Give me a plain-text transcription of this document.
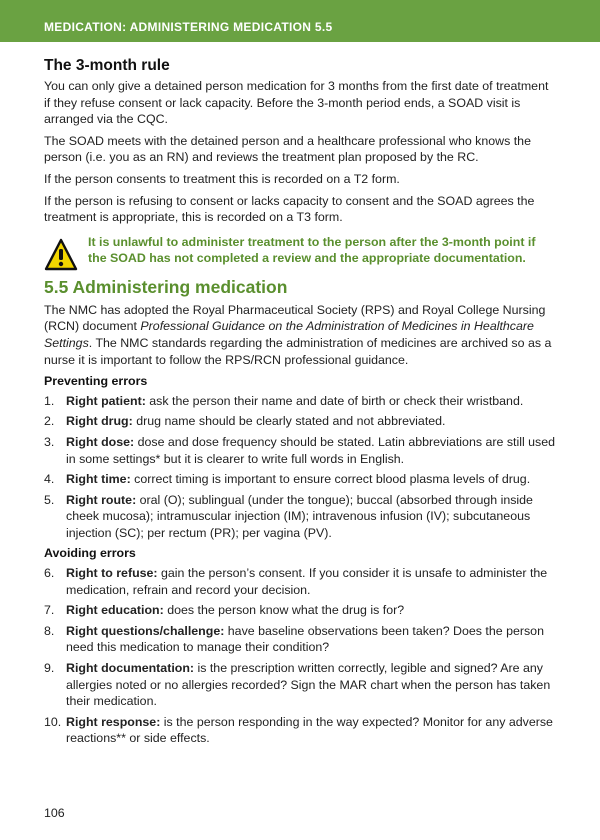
MEDICATION: ADMINISTERING MEDICATION 5.5
The 3-month rule

You can only give a detained person medication for 3 months from the first date of treatment if they refuse consent or lack capacity. Before the 3-month period ends, a SOAD visit is arranged via the CQC.

The SOAD meets with the detained person and a healthcare professional who knows the person (i.e. you as an RN) and reviews the treatment plan proposed by the RC.

If the person consents to treatment this is recorded on a T2 form.

If the person is refusing to consent or lacks capacity to consent and the SOAD agrees the treatment is appropriate, this is recorded on a T3 form.

It is unlawful to administer treatment to the person after the 3-month point if the SOAD has not completed a review and the appropriate documentation.
5.5 Administering medication

The NMC has adopted the Royal Pharmaceutical Society (RPS) and Royal College Nursing (RCN) document Professional Guidance on the Administration of Medicines in Healthcare Settings. The NMC standards regarding the administration of medicines are archived so as a nurse it is important to follow the RPS/RCN professional guidance.

Preventing errors
1. Right patient: ask the person their name and date of birth or check their wristband.
2. Right drug: drug name should be clearly stated and not abbreviated.
3. Right dose: dose and dose frequency should be stated. Latin abbreviations are still used in some settings* but it is clearer to write full words in English.
4. Right time: correct timing is important to ensure correct blood plasma levels of drug.
5. Right route: oral (O); sublingual (under the tongue); buccal (absorbed through inside cheek mucosa); intramuscular injection (IM); intravenous infusion (IV); subcutaneous injection (SC); per rectum (PR); per vagina (PV).
Avoiding errors
6. Right to refuse: gain the person’s consent. If you consider it is unsafe to administer the medication, refrain and record your decision.
7. Right education: does the person know what the drug is for?
8. Right questions/challenge: have baseline observations been taken? Does the person need this medication to manage their condition?
9. Right documentation: is the prescription written correctly, legible and signed? Are any allergies noted or no allergies recorded? Sign the MAR chart when the person has taken their medication.
10. Right response: is the person responding in the way expected? Monitor for any adverse reactions** or side effects.
106
